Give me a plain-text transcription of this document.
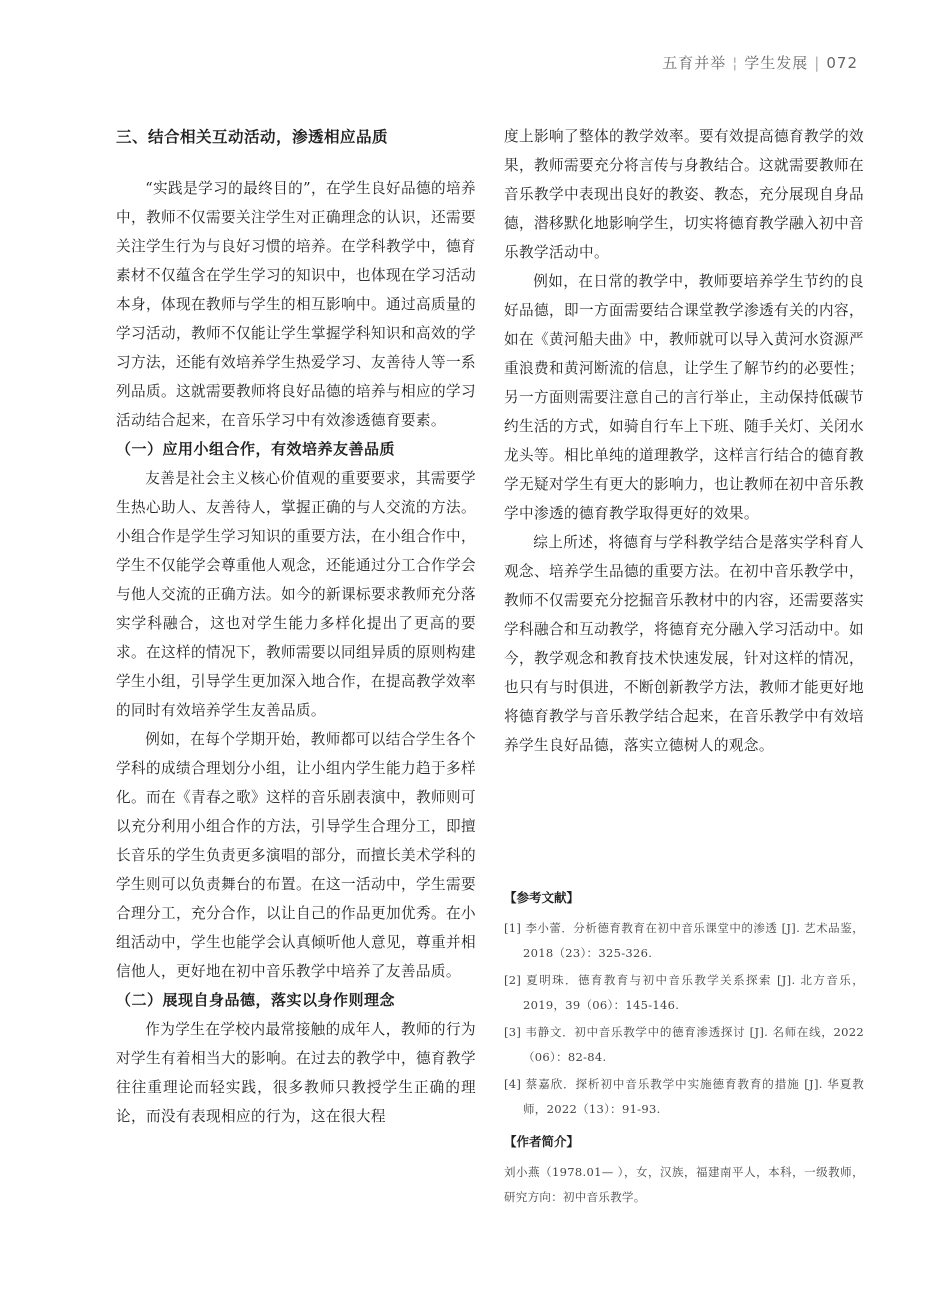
五育并举 ¦ 学生发展 | 072
三、结合相关互动活动，渗透相应品质

“实践是学习的最终目的”，在学生良好品德的培养中，教师不仅需要关注学生对正确理念的认识，还需要关注学生行为与良好习惯的培养。在学科教学中，德育素材不仅蕴含在学生学习的知识中，也体现在学习活动本身，体现在教师与学生的相互影响中。通过高质量的学习活动，教师不仅能让学生掌握学科知识和高效的学习方法，还能有效培养学生热爱学习、友善待人等一系列品质。这就需要教师将良好品德的培养与相应的学习活动结合起来，在音乐学习中有效渗透德育要素。

（一）应用小组合作，有效培养友善品质

友善是社会主义核心价值观的重要要求，其需要学生热心助人、友善待人，掌握正确的与人交流的方法。小组合作是学生学习知识的重要方法，在小组合作中，学生不仅能学会尊重他人观念，还能通过分工合作学会与他人交流的正确方法。如今的新课标要求教师充分落实学科融合，这也对学生能力多样化提出了更高的要求。在这样的情况下，教师需要以同组异质的原则构建学生小组，引导学生更加深入地合作，在提高教学效率的同时有效培养学生友善品质。

例如，在每个学期开始，教师都可以结合学生各个学科的成绩合理划分小组，让小组内学生能力趋于多样化。而在《青春之歌》这样的音乐剧表演中，教师则可以充分利用小组合作的方法，引导学生合理分工，即擅长音乐的学生负责更多演唱的部分，而擅长美术学科的学生则可以负责舞台的布置。在这一活动中，学生需要合理分工，充分合作，以让自己的作品更加优秀。在小组活动中，学生也能学会认真倾听他人意见，尊重并相信他人，更好地在初中音乐教学中培养了友善品质。

（二）展现自身品德，落实以身作则理念

作为学生在学校内最常接触的成年人，教师的行为对学生有着相当大的影响。在过去的教学中，德育教学往往重理论而轻实践，很多教师只教授学生正确的理论，而没有表现相应的行为，这在很大程

度上影响了整体的教学效率。要有效提高德育教学的效果，教师需要充分将言传与身教结合。这就需要教师在音乐教学中表现出良好的教姿、教态，充分展现自身品德，潜移默化地影响学生，切实将德育教学融入初中音乐教学活动中。

例如，在日常的教学中，教师要培养学生节约的良好品德，即一方面需要结合课堂教学渗透有关的内容，如在《黄河船夫曲》中，教师就可以导入黄河水资源严重浪费和黄河断流的信息，让学生了解节约的必要性；另一方面则需要注意自己的言行举止，主动保持低碳节约生活的方式，如骑自行车上下班、随手关灯、关闭水龙头等。相比单纯的道理教学，这样言行结合的德育教学无疑对学生有更大的影响力，也让教师在初中音乐教学中渗透的德育教学取得更好的效果。

综上所述，将德育与学科教学结合是落实学科育人观念、培养学生品德的重要方法。在初中音乐教学中，教师不仅需要充分挖掘音乐教材中的内容，还需要落实学科融合和互动教学，将德育充分融入学习活动中。如今，教学观念和教育技术快速发展，针对这样的情况，也只有与时俱进，不断创新教学方法，教师才能更好地将德育教学与音乐教学结合起来，在音乐教学中有效培养学生良好品德，落实立德树人的观念。

【参考文献】

[1] 李小蕾．分析德育教育在初中音乐课堂中的渗透 [J]. 艺术品鉴，2018（23）：325-326.

[2] 夏明珠．德育教育与初中音乐教学关系探索 [J]. 北方音乐，2019，39（06）：145-146.

[3] 韦静文．初中音乐教学中的德育渗透探讨 [J]. 名师在线，2022（06）：82-84.

[4] 蔡嘉欣．探析初中音乐教学中实施德育教育的措施 [J]. 华夏教师，2022（13）：91-93.

【作者简介】

刘小燕（1978.01— ），女，汉族，福建南平人，本科，一级教师，研究方向：初中音乐教学。
